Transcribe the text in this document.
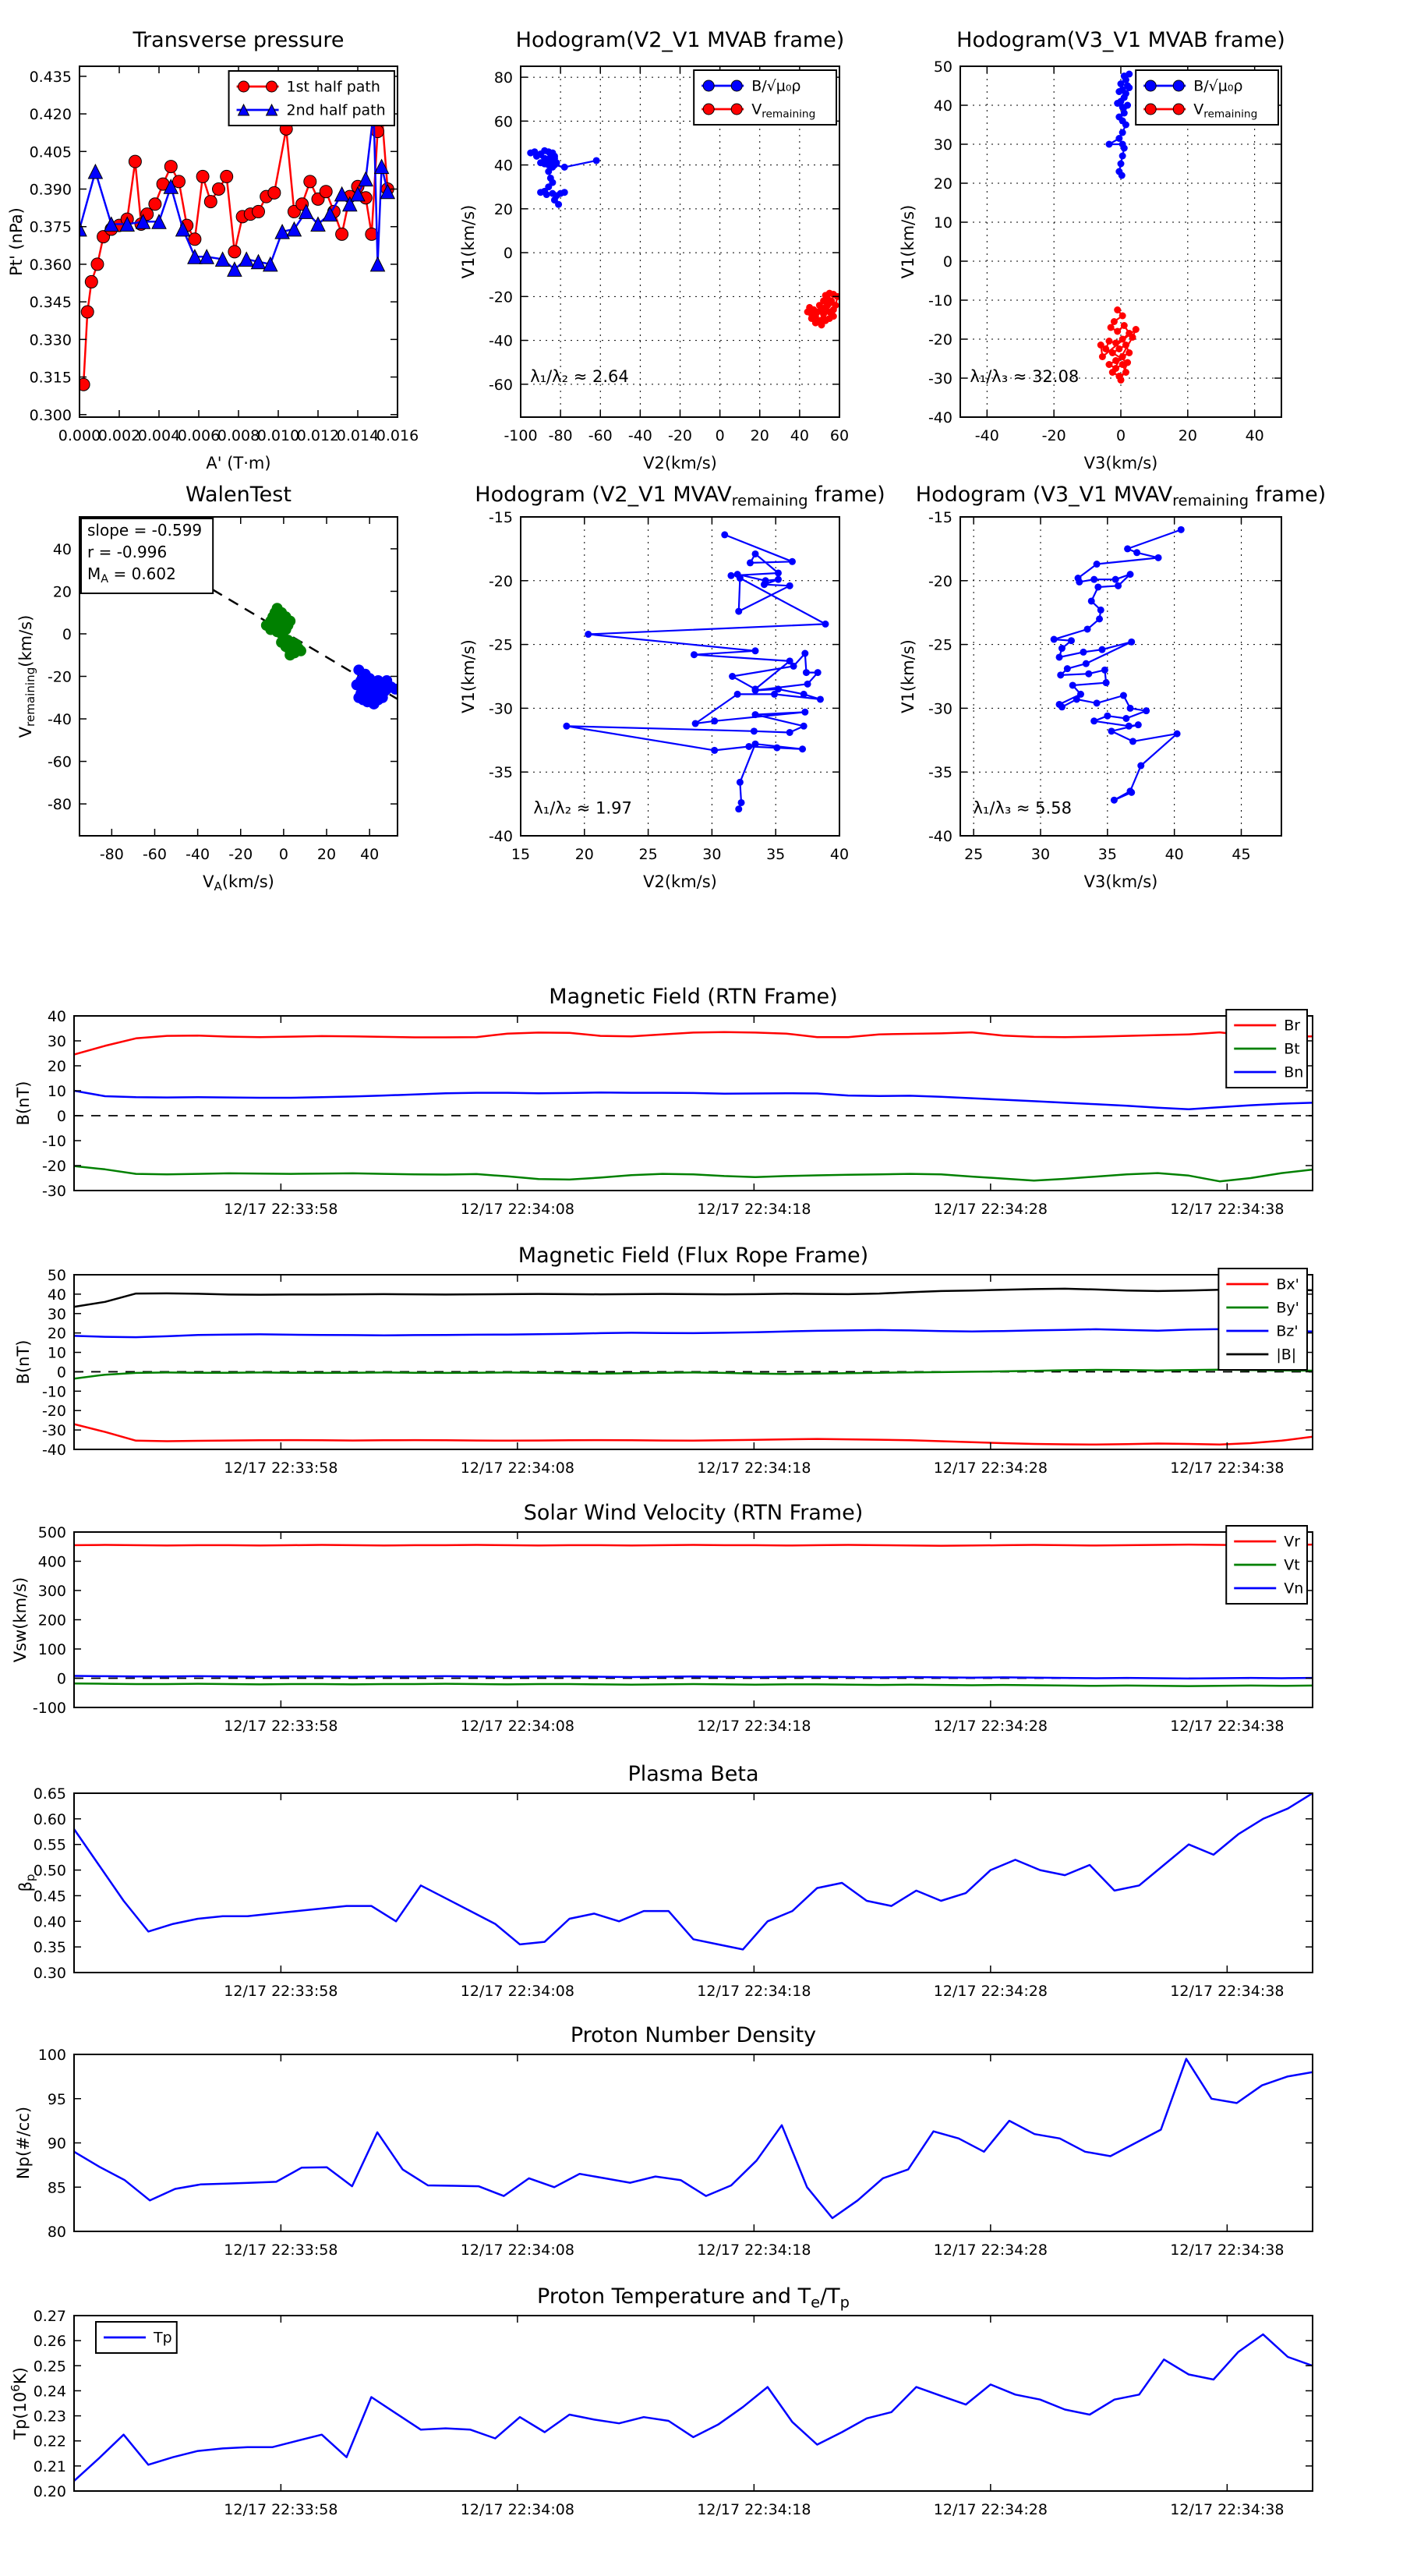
0.000
0.002
0.004
0.006
0.008
0.010
0.012
0.014
0.016
0.300
0.315
0.330
0.345
0.360
0.375
0.390
0.405
0.420
0.435
Transverse pressure
A' (T·m)
Pt' (nPa)
1st half path
2nd half path
-100 -80 -60 -40 -20 0 20 40 60
80
60
40
20
0
-20
-40
-60
Hodogram(V2_V1 MVAB frame)
V2(km/s)
V1(km/s)
λ₁/λ₂ ≈ 2.64
B/√μ₀ρ
Vremaining
-40	-20	0	20	40
50
40
30
20
10
0
-10
-20
-30
-40
Hodogram(V3_V1 MVAB frame)
V3(km/s)
V1(km/s)
λ₁/λ₃ ≈ 32.08
B/√μ₀ρ
Vremaining
-80 -60 -40 -20 0 20 40
40
20
0
-20
-40
-60
-80
WalenTest
$V_A(km/s)$
$V_{remaining}(km/s)$
slope = -0.599
r = -0.996
$M_A = 0.602$
15	20	25	30	35	40
-15
-20
-25
-30
-35
-40
Hodogram (V2_V1 $MVAV_{remaining}$ frame)
V2(km/s)
V1(km/s)
λ₁/λ₂ ≈ 1.97
25	30	35	40	45
-15
-20
-25
-30
-35
-40
Hodogram (V3_V1 $MVAV_{remaining}$ frame)
V3(km/s)
V1(km/s)
λ₁/λ₃ ≈ 5.58
12/17 22:33:58	12/17 22:34:08	12/17 22:34:18	12/17 22:34:28	12/17 22:34:38
40
30
20
10
0
-10
-20
-30
Magnetic Field (RTN Frame)
B(nT)
Br
Bt
Bn
12/17 22:33:58	12/17 22:34:08	12/17 22:34:18	12/17 22:34:28	12/17 22:34:38
50
40
30
20
10
0
-10
-20
-30
-40
Magnetic Field (Flux Rope Frame)
B(nT)
Bx'
By'
Bz'
|B|
12/17 22:33:58	12/17 22:34:08	12/17 22:34:18	12/17 22:34:28	12/17 22:34:38
500
400
300
200
100
0
-100
Solar Wind Velocity (RTN Frame)
Vsw(km/s)
Vr
Vt
Vn
12/17 22:33:58	12/17 22:34:08	12/17 22:34:18	12/17 22:34:28	12/17 22:34:38
0.65
0.60
0.55
0.50
0.45
0.40
0.35
0.30
Plasma Beta
$\beta_p$
12/17 22:33:58	12/17 22:34:08	12/17 22:34:18	12/17 22:34:28	12/17 22:34:38
100
95
90
85
80
Proton Number Density
Np(#/cc)
12/17 22:33:58	12/17 22:34:08	12/17 22:34:18	12/17 22:34:28	12/17 22:34:38
0.27
0.26
0.25
0.24
0.23
0.22
0.21
0.20
Proton Temperature and $T_e/T_p$
$Tp(10^6K)$
Tp
